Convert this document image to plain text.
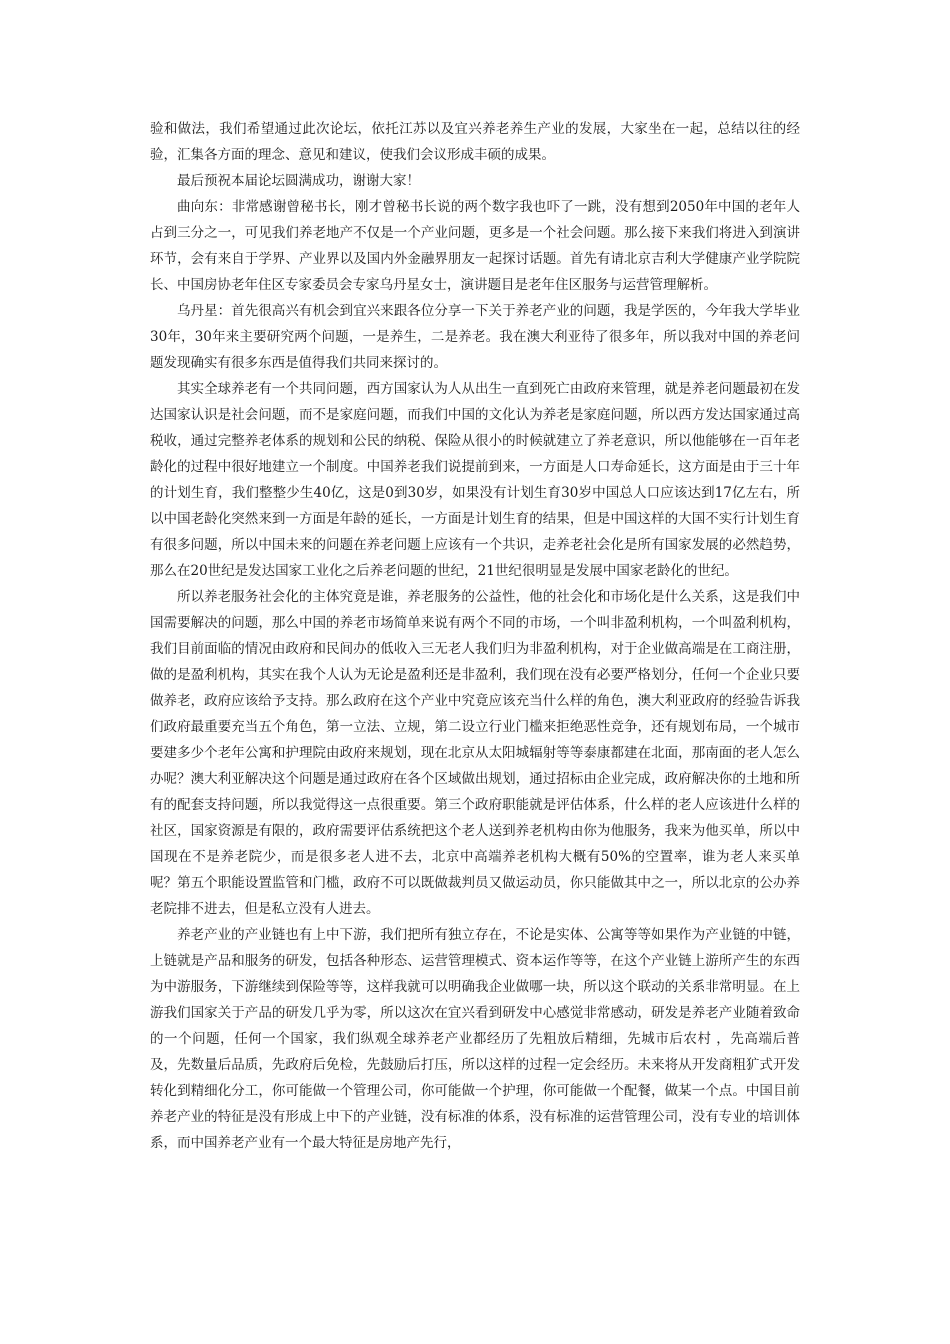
验和做法，我们希望通过此次论坛，依托江苏以及宜兴养老养生产业的发展，大家坐在一起，总结以往的经验，汇集各方面的理念、意见和建议，使我们会议形成丰硕的成果。

最后预祝本届论坛圆满成功，谢谢大家！

曲向东：非常感谢曾秘书长，刚才曾秘书长说的两个数字我也吓了一跳，没有想到2050年中国的老年人占到三分之一，可见我们养老地产不仅是一个产业问题，更多是一个社会问题。那么接下来我们将进入到演讲环节，会有来自于学界、产业界以及国内外金融界朋友一起探讨话题。首先有请北京吉利大学健康产业学院院长、中国房协老年住区专家委员会专家乌丹星女士，演讲题目是老年住区服务与运营管理解析。

乌丹星：首先很高兴有机会到宜兴来跟各位分享一下关于养老产业的问题，我是学医的，今年我大学毕业30年，30年来主要研究两个问题，一是养生，二是养老。我在澳大利亚待了很多年，所以我对中国的养老问题发现确实有很多东西是值得我们共同来探讨的。

其实全球养老有一个共同问题，西方国家认为人从出生一直到死亡由政府来管理，就是养老问题最初在发达国家认识是社会问题，而不是家庭问题，而我们中国的文化认为养老是家庭问题，所以西方发达国家通过高税收，通过完整养老体系的规划和公民的纳税、保险从很小的时候就建立了养老意识，所以他能够在一百年老龄化的过程中很好地建立一个制度。中国养老我们说提前到来，一方面是人口寿命延长，这方面是由于三十年的计划生育，我们整整少生40亿，这是0到30岁，如果没有计划生育30岁中国总人口应该达到17亿左右，所以中国老龄化突然来到一方面是年龄的延长，一方面是计划生育的结果，但是中国这样的大国不实行计划生育有很多问题，所以中国未来的问题在养老问题上应该有一个共识，走养老社会化是所有国家发展的必然趋势，那么在20世纪是发达国家工业化之后养老问题的世纪，21世纪很明显是发展中国家老龄化的世纪。

所以养老服务社会化的主体究竟是谁，养老服务的公益性，他的社会化和市场化是什么关系，这是我们中国需要解决的问题，那么中国的养老市场简单来说有两个不同的市场，一个叫非盈利机构，一个叫盈利机构，我们目前面临的情况由政府和民间办的低收入三无老人我们归为非盈利机构，对于企业做高端是在工商注册，做的是盈利机构，其实在我个人认为无论是盈利还是非盈利，我们现在没有必要严格划分，任何一个企业只要做养老，政府应该给予支持。那么政府在这个产业中究竟应该充当什么样的角色，澳大利亚政府的经验告诉我们政府最重要充当五个角色，第一立法、立规，第二设立行业门槛来拒绝恶性竞争，还有规划布局，一个城市要建多少个老年公寓和护理院由政府来规划，现在北京从太阳城辐射等等泰康都建在北面，那南面的老人怎么办呢？澳大利亚解决这个问题是通过政府在各个区域做出规划，通过招标由企业完成，政府解决你的土地和所有的配套支持问题，所以我觉得这一点很重要。第三个政府职能就是评估体系，什么样的老人应该进什么样的社区，国家资源是有限的，政府需要评估系统把这个老人送到养老机构由你为他服务，我来为他买单，所以中国现在不是养老院少，而是很多老人进不去，北京中高端养老机构大概有50%的空置率，谁为老人来买单呢？第五个职能设置监管和门槛，政府不可以既做裁判员又做运动员，你只能做其中之一，所以北京的公办养老院排不进去，但是私立没有人进去。

养老产业的产业链也有上中下游，我们把所有独立存在，不论是实体、公寓等等如果作为产业链的中链，上链就是产品和服务的研发，包括各种形态、运营管理模式、资本运作等等，在这个产业链上游所产生的东西为中游服务，下游继续到保险等等，这样我就可以明确我企业做哪一块，所以这个联动的关系非常明显。在上游我们国家关于产品的研发几乎为零，所以这次在宜兴看到研发中心感觉非常感动，研发是养老产业随着致命的一个问题，任何一个国家，我们纵观全球养老产业都经历了先粗放后精细，先城市后农村 ，先高端后普及，先数量后品质，先政府后免检，先鼓励后打压，所以这样的过程一定会经历。未来将从开发商粗犷式开发转化到精细化分工，你可能做一个管理公司，你可能做一个护理，你可能做一个配餐，做某一个点。中国目前养老产业的特征是没有形成上中下的产业链，没有标准的体系，没有标准的运营管理公司，没有专业的培训体系，而中国养老产业有一个最大特征是房地产先行，
